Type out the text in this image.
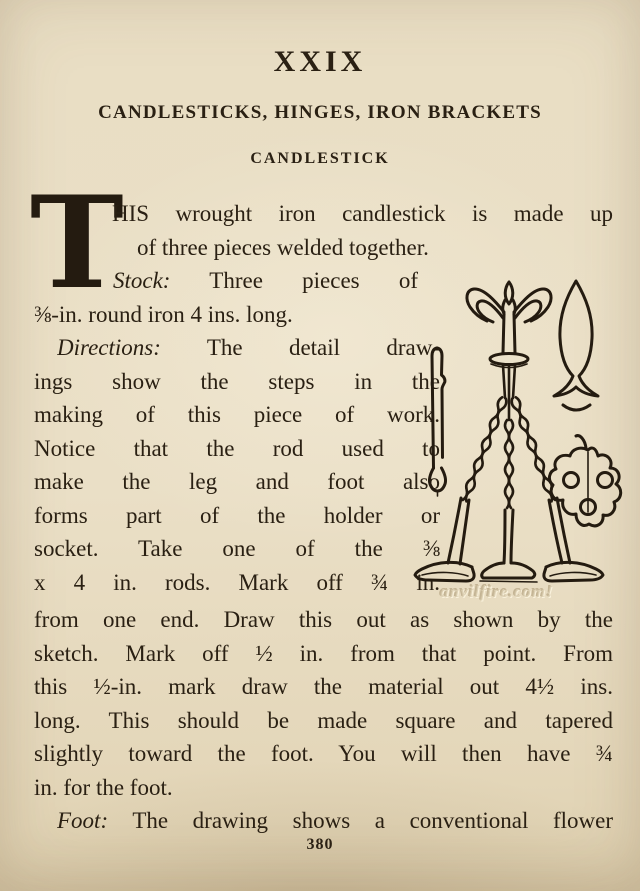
XXIX
CANDLESTICKS, HINGES, IRON BRACKETS
CANDLESTICK
T
HIS wrought iron candlestick is made up
of three pieces welded together.
Stock: Three pieces of
⅜-in. round iron 4 ins. long.
Directions: The detail draw-
ings show the steps in the
making of this piece of work.
Notice that the rod used to
make the leg and foot also
forms part of the holder or
socket. Take one of the ⅜
x 4 in. rods. Mark off ¾ in.
from one end. Draw this out as shown by the
sketch. Mark off ½ in. from that point. From
this ½-in. mark draw the material out 4½ ins.
long. This should be made square and tapered
slightly toward the foot. You will then have ¾
in. for the foot.
Foot: The drawing shows a conventional flower
anvilfire.com!
380
